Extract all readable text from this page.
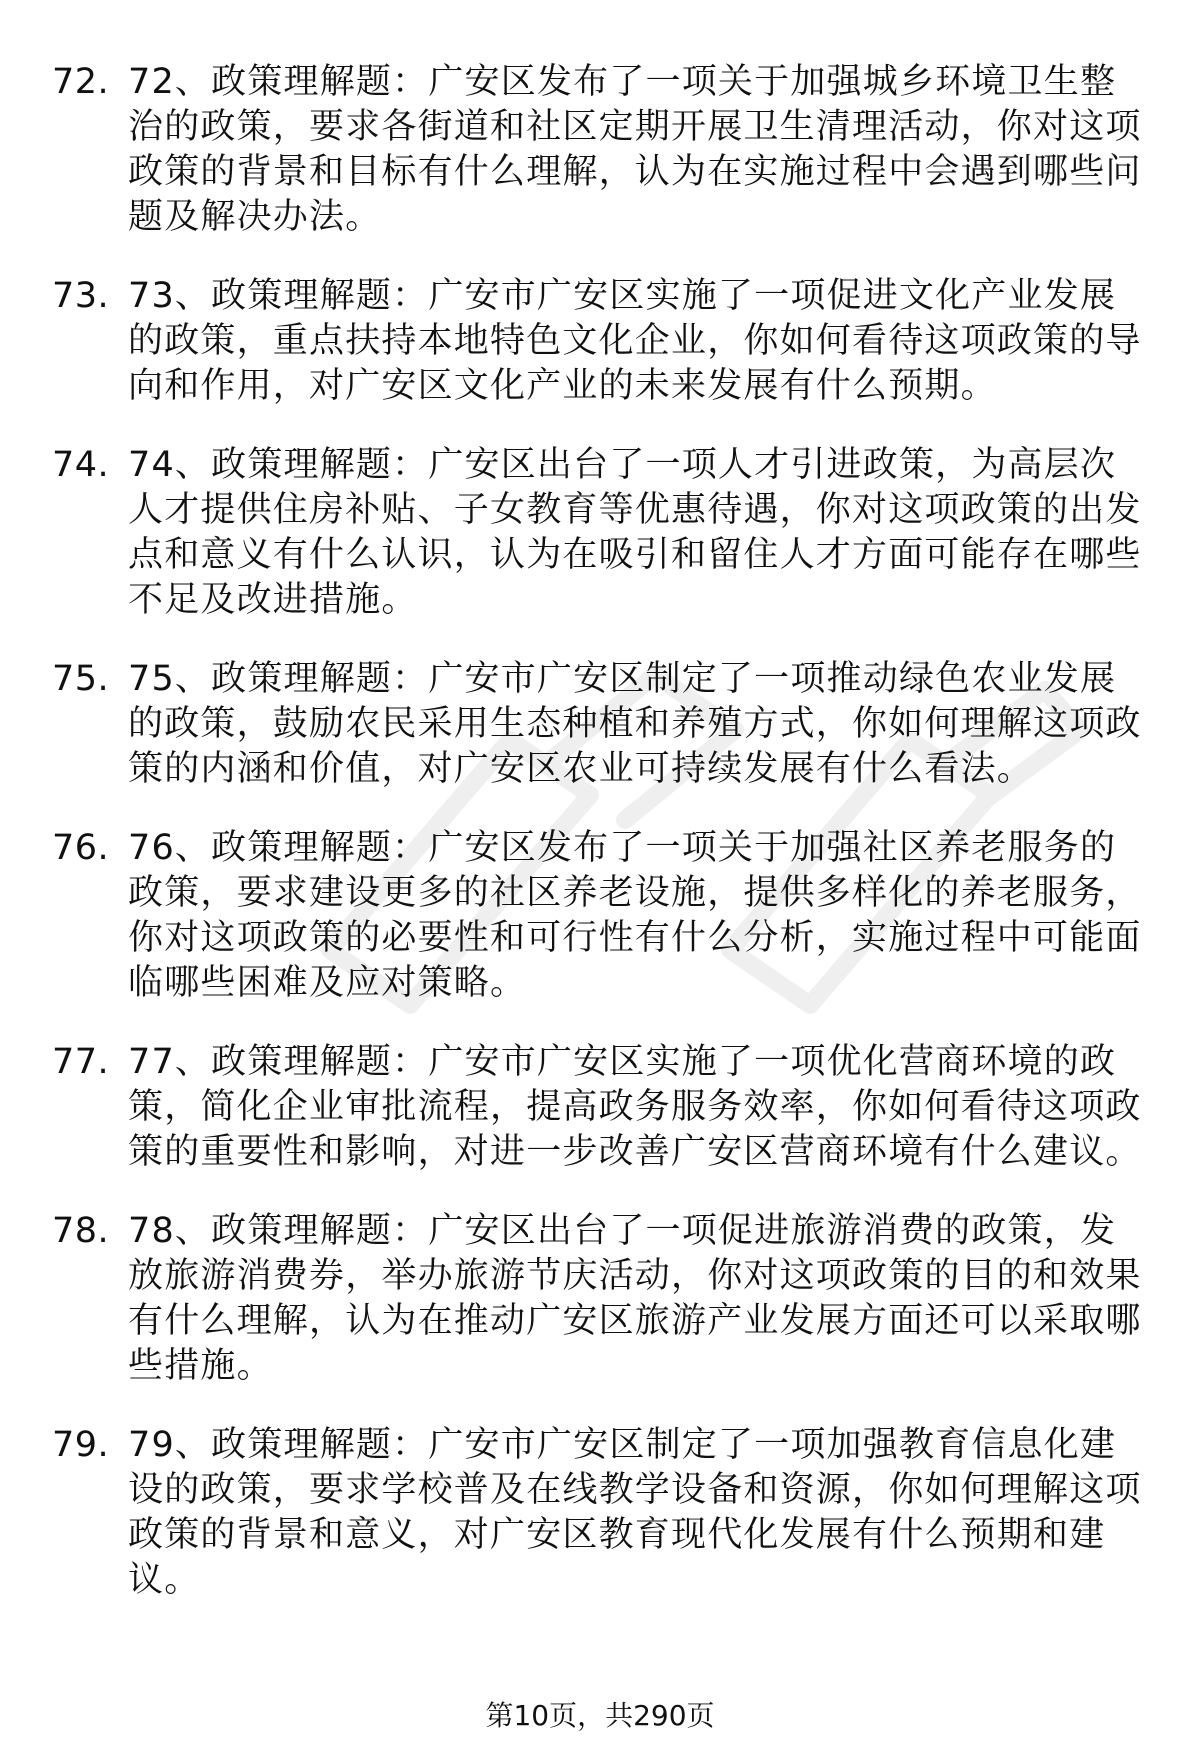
72. 72、政策理解题：广安区发布了一项关于加强城乡环境卫生整治的政策，要求各街道和社区定期开展卫生清理活动，你对这项政策的背景和目标有什么理解，认为在实施过程中会遇到哪些问题及解决办法。
73. 73、政策理解题：广安市广安区实施了一项促进文化产业发展的政策，重点扶持本地特色文化企业，你如何看待这项政策的导向和作用，对广安区文化产业的未来发展有什么预期。
74. 74、政策理解题：广安区出台了一项人才引进政策，为高层次人才提供住房补贴、子女教育等优惠待遇，你对这项政策的出发点和意义有什么认识，认为在吸引和留住人才方面可能存在哪些不足及改进措施。
75. 75、政策理解题：广安市广安区制定了一项推动绿色农业发展的政策，鼓励农民采用生态种植和养殖方式，你如何理解这项政策的内涵和价值，对广安区农业可持续发展有什么看法。
76. 76、政策理解题：广安区发布了一项关于加强社区养老服务的政策，要求建设更多的社区养老设施，提供多样化的养老服务，你对这项政策的必要性和可行性有什么分析，实施过程中可能面临哪些困难及应对策略。
77. 77、政策理解题：广安市广安区实施了一项优化营商环境的政策，简化企业审批流程，提高政务服务效率，你如何看待这项政策的重要性和影响，对进一步改善广安区营商环境有什么建议。
78. 78、政策理解题：广安区出台了一项促进旅游消费的政策，发放旅游消费券，举办旅游节庆活动，你对这项政策的目的和效果有什么理解，认为在推动广安区旅游产业发展方面还可以采取哪些措施。
79. 79、政策理解题：广安市广安区制定了一项加强教育信息化建设的政策，要求学校普及在线教学设备和资源，你如何理解这项政策的背景和意义，对广安区教育现代化发展有什么预期和建议。
第10页，共290页
